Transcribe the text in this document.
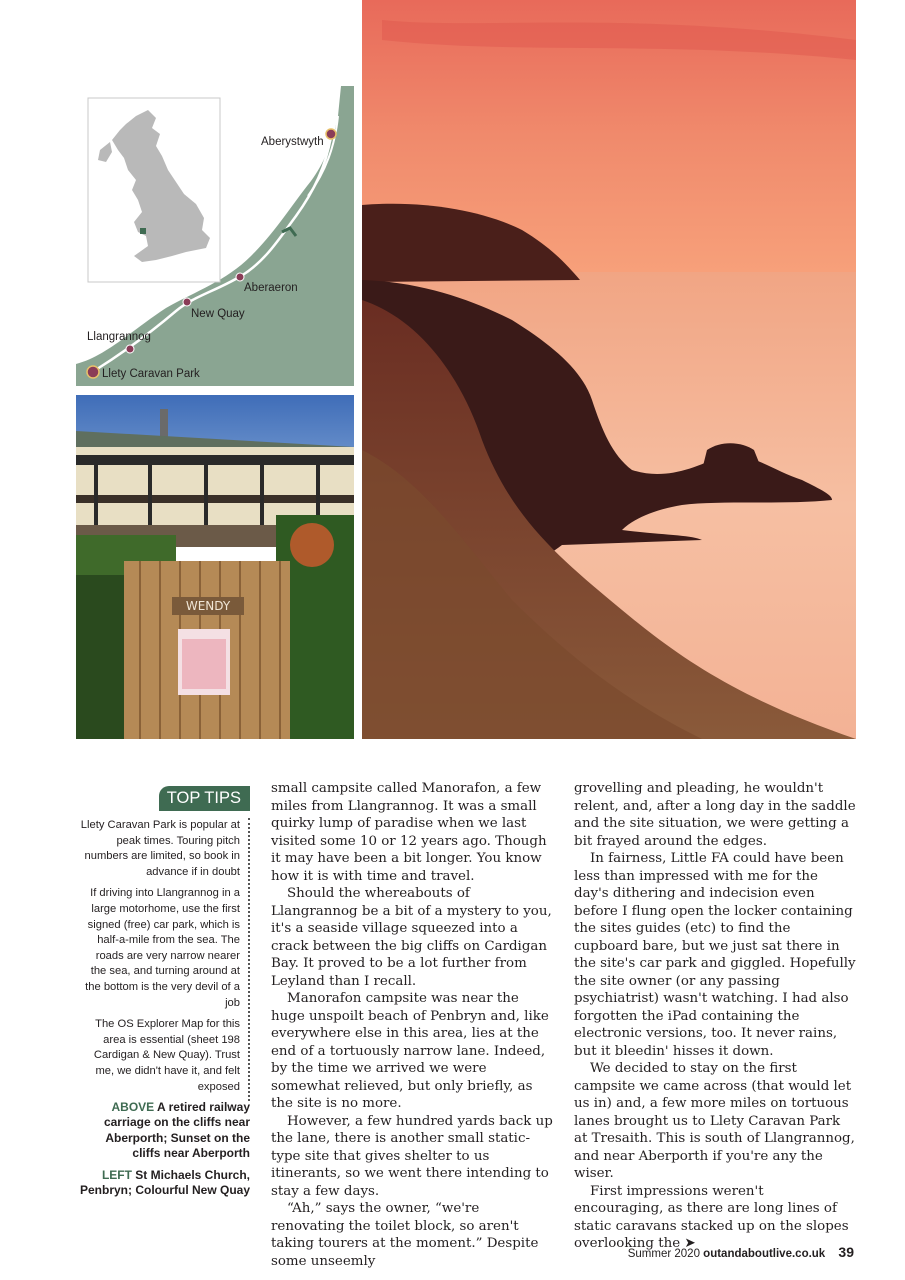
Aberystwyth
Aberaeron
New Quay
Llangrannog
Llety Caravan Park
WENDY
TOP TIPS

Llety Caravan Park is popular at peak times. Touring pitch numbers are limited, so book in advance if in doubt

If driving into Llangrannog in a large motorhome, use the first signed (free) car park, which is half-a-mile from the sea. The roads are very narrow nearer the sea, and turning around at the bottom is the very devil of a job

The OS Explorer Map for this area is essential (sheet 198 Cardigan & New Quay). Trust me, we didn't have it, and felt exposed

ABOVE A retired railway carriage on the cliffs near Aberporth; Sunset on the cliffs near Aberporth

LEFT St Michaels Church, Penbryn; Colourful New Quay

small campsite called Manorafon, a few miles from Llangrannog. It was a small quirky lump of paradise when we last visited some 10 or 12 years ago. Though it may have been a bit longer. You know how it is with time and travel.

Should the whereabouts of Llangrannog be a bit of a mystery to you, it's a seaside village squeezed into a crack between the big cliffs on Cardigan Bay. It proved to be a lot further from Leyland than I recall.

Manorafon campsite was near the huge unspoilt beach of Penbryn and, like everywhere else in this area, lies at the end of a tortuously narrow lane. Indeed, by the time we arrived we were somewhat relieved, but only briefly, as the site is no more.

However, a few hundred yards back up the lane, there is another small static-type site that gives shelter to us itinerants, so we went there intending to stay a few days.

“Ah,” says the owner, “we're renovating the toilet block, so aren't taking tourers at the moment.” Despite some unseemly

grovelling and pleading, he wouldn't relent, and, after a long day in the saddle and the site situation, we were getting a bit frayed around the edges.

In fairness, Little FA could have been less than impressed with me for the day's dithering and indecision even before I flung open the locker containing the sites guides (etc) to find the cupboard bare, but we just sat there in the site's car park and giggled. Hopefully the site owner (or any passing psychiatrist) wasn't watching. I had also forgotten the iPad containing the electronic versions, too. It never rains, but it bleedin' hisses it down.

We decided to stay on the first campsite we came across (that would let us in) and, a few more miles on tortuous lanes brought us to Llety Caravan Park at Tresaith. This is south of Llangrannog, and near Aberporth if you're any the wiser.

First impressions weren't encouraging, as there are long lines of static caravans stacked up on the slopes overlooking the ➤

Summer 2020 outandaboutlive.co.uk 39
